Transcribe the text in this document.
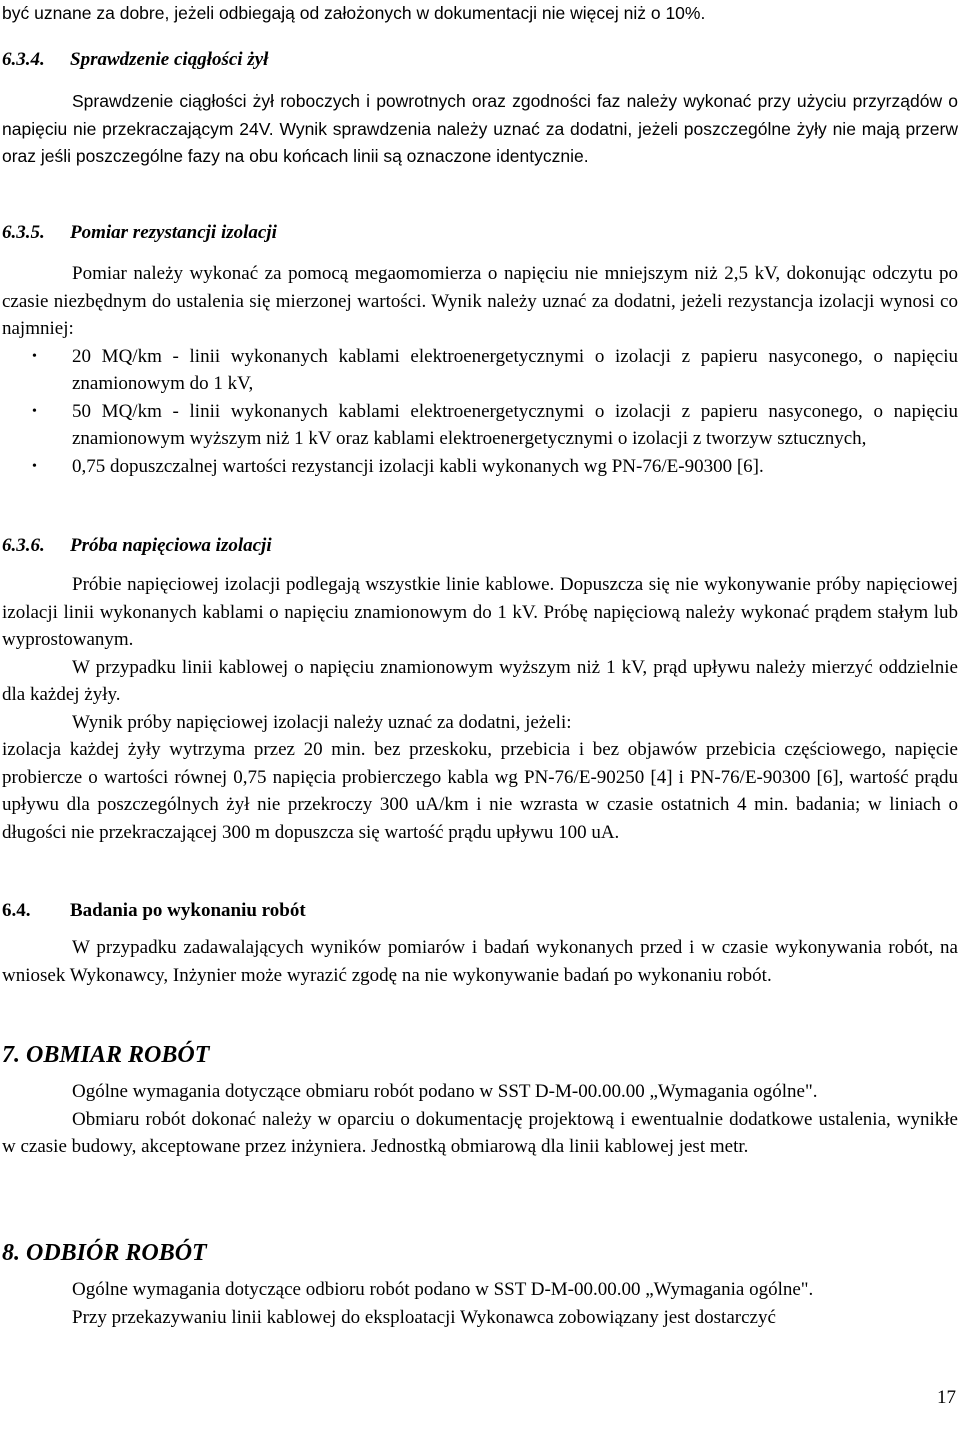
być uznane za dobre, jeżeli odbiegają od założonych w dokumentacji nie więcej niż o 10%.
6.3.4. Sprawdzenie ciągłości żył

Sprawdzenie ciągłości żył roboczych i powrotnych oraz zgodności faz należy wykonać przy użyciu przyrządów o napięciu nie przekraczającym 24V. Wynik sprawdzenia należy uznać za dodatni, jeżeli poszczególne żyły nie mają przerw oraz jeśli poszczególne fazy na obu końcach linii są oznaczone identycznie.

6.3.5. Pomiar rezystancji izolacji

Pomiar należy wykonać za pomocą megaomomierza o napięciu nie mniejszym niż 2,5 kV, dokonując odczytu po czasie niezbędnym do ustalenia się mierzonej wartości. Wynik należy uznać za dodatni, jeżeli rezystancja izolacji wynosi co najmniej:

• 20 MQ/km - linii wykonanych kablami elektroenergetycznymi o izolacji z papieru nasyconego, o napięciu znamionowym do 1 kV,
• 50 MQ/km - linii wykonanych kablami elektroenergetycznymi o izolacji z papieru nasyconego, o napięciu znamionowym wyższym niż 1 kV oraz kablami elektroenergetycznymi o izolacji z tworzyw sztucznych,
• 0,75 dopuszczalnej wartości rezystancji izolacji kabli wykonanych wg PN-76/E-90300 [6].
6.3.6. Próba napięciowa izolacji

Próbie napięciowej izolacji podlegają wszystkie linie kablowe. Dopuszcza się nie wykonywanie próby napięciowej izolacji linii wykonanych kablami o napięciu znamionowym do 1 kV. Próbę napięciową należy wykonać prądem stałym lub wyprostowanym.

W przypadku linii kablowej o napięciu znamionowym wyższym niż 1 kV, prąd upływu należy mierzyć oddzielnie dla każdej żyły.

Wynik próby napięciowej izolacji należy uznać za dodatni, jeżeli:

izolacja każdej żyły wytrzyma przez 20 min. bez przeskoku, przebicia i bez objawów przebicia częściowego, napięcie probiercze o wartości równej 0,75 napięcia probierczego kabla wg PN-76/E-90250 [4] i PN-76/E-90300 [6], wartość prądu upływu dla poszczególnych żył nie przekroczy 300 uA/km i nie wzrasta w czasie ostatnich 4 min. badania; w liniach o długości nie przekraczającej 300 m dopuszcza się wartość prądu upływu 100 uA.

6.4. Badania po wykonaniu robót

W przypadku zadawalających wyników pomiarów i badań wykonanych przed i w czasie wykonywania robót, na wniosek Wykonawcy, Inżynier może wyrazić zgodę na nie wykonywanie badań po wykonaniu robót.

7. OBMIAR ROBÓT

Ogólne wymagania dotyczące obmiaru robót podano w SST D-M-00.00.00 „Wymagania ogólne".

Obmiaru robót dokonać należy w oparciu o dokumentację projektową i ewentualnie dodatkowe ustalenia, wynikłe w czasie budowy, akceptowane przez inżyniera. Jednostką obmiarową dla linii kablowej jest metr.

8. ODBIÓR ROBÓT

Ogólne wymagania dotyczące odbioru robót podano w SST D-M-00.00.00 „Wymagania ogólne".

Przy przekazywaniu linii kablowej do eksploatacji Wykonawca zobowiązany jest dostarczyć

17
